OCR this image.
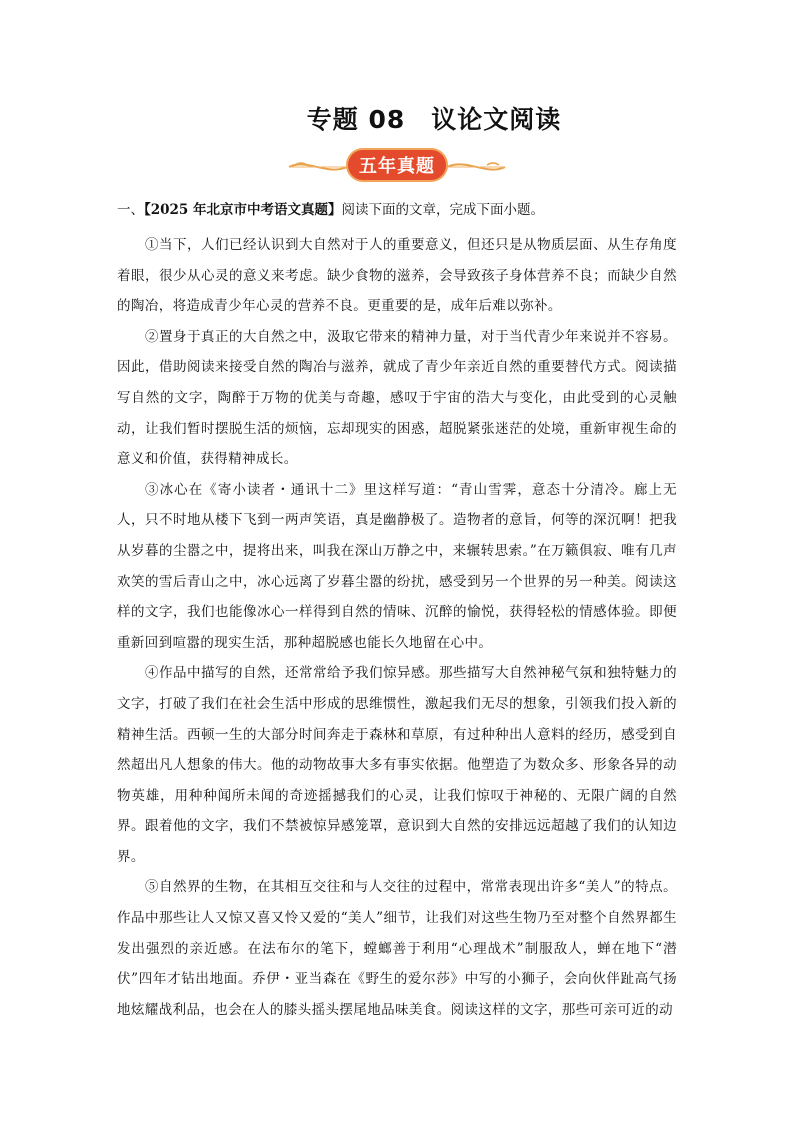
专题 08　议论文阅读
五年真题
一、【2025 年北京市中考语文真题】阅读下面的文章，完成下面小题。

①当下，人们已经认识到大自然对于人的重要意义，但还只是从物质层面、从生存角度着眼，很少从心灵的意义来考虑。缺少食物的滋养，会导致孩子身体营养不良；而缺少自然的陶冶，将造成青少年心灵的营养不良。更重要的是，成年后难以弥补。

②置身于真正的大自然之中，汲取它带来的精神力量，对于当代青少年来说并不容易。因此，借助阅读来接受自然的陶冶与滋养，就成了青少年亲近自然的重要替代方式。阅读描写自然的文字，陶醉于万物的优美与奇趣，感叹于宇宙的浩大与变化，由此受到的心灵触动，让我们暂时摆脱生活的烦恼，忘却现实的困惑，超脱紧张迷茫的处境，重新审视生命的意义和价值，获得精神成长。

③冰心在《寄小读者・通讯十二》里这样写道：“青山雪霁，意态十分清冷。廊上无人，只不时地从楼下飞到一两声笑语，真是幽静极了。造物者的意旨，何等的深沉啊！把我从岁暮的尘嚣之中，提将出来，叫我在深山万静之中，来辗转思索。”在万籁俱寂、唯有几声欢笑的雪后青山之中，冰心远离了岁暮尘嚣的纷扰，感受到另一个世界的另一种美。阅读这样的文字，我们也能像冰心一样得到自然的情味、沉醉的愉悦，获得轻松的情感体验。即便重新回到喧嚣的现实生活，那种超脱感也能长久地留在心中。

④作品中描写的自然，还常常给予我们惊异感。那些描写大自然神秘气氛和独特魅力的文字，打破了我们在社会生活中形成的思维惯性，激起我们无尽的想象，引领我们投入新的精神生活。西顿一生的大部分时间奔走于森林和草原，有过种种出人意料的经历，感受到自然超出凡人想象的伟大。他的动物故事大多有事实依据。他塑造了为数众多、形象各异的动物英雄，用种种闻所未闻的奇迹摇撼我们的心灵，让我们惊叹于神秘的、无限广阔的自然界。跟着他的文字，我们不禁被惊异感笼罩，意识到大自然的安排远远超越了我们的认知边界。

⑤自然界的生物，在其相互交往和与人交往的过程中，常常表现出许多“美人”的特点。作品中那些让人又惊又喜又怜又爱的“美人”细节，让我们对这些生物乃至对整个自然界都生发出强烈的亲近感。在法布尔的笔下，螳螂善于利用“心理战术”制服敌人，蝉在地下“潜伏”四年才钻出地面。乔伊・亚当森在《野生的爱尔莎》中写的小狮子，会向伙伴趾高气扬地炫耀战利品，也会在人的膝头摇头摆尾地品味美食。阅读这样的文字，那些可亲可近的动
